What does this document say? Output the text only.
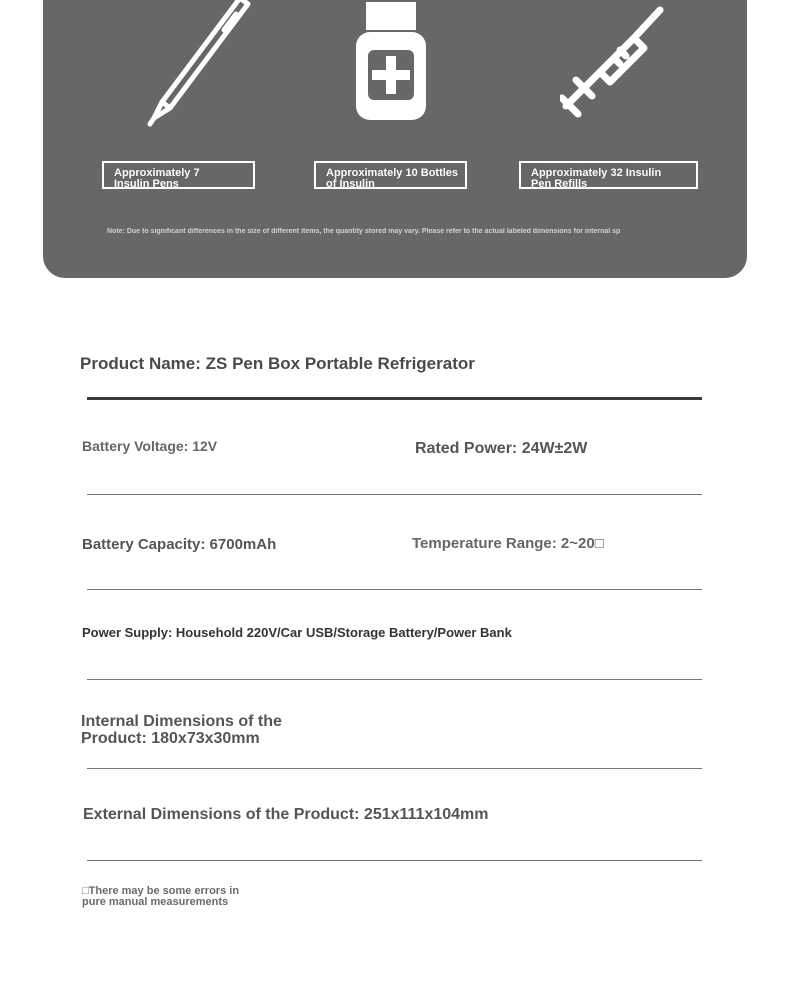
Approximately 7
Insulin Pens
Approximately 10 Bottles
of Insulin
Approximately 32 Insulin
Pen Refills
Note: Due to significant differences in the size of different items, the quantity stored may vary. Please refer to the actual labeled dimensions for internal sp
Product Name: ZS Pen Box Portable Refrigerator
Battery Voltage: 12V	Rated Power: 24W±2W
Battery Capacity: 6700mAh	Temperature Range: 2~20□
Power Supply: Household 220V/Car USB/Storage Battery/Power Bank
Internal Dimensions of the
Product: 180x73x30mm
External Dimensions of the Product: 251x111x104mm
□There may be some errors in
pure manual measurements
